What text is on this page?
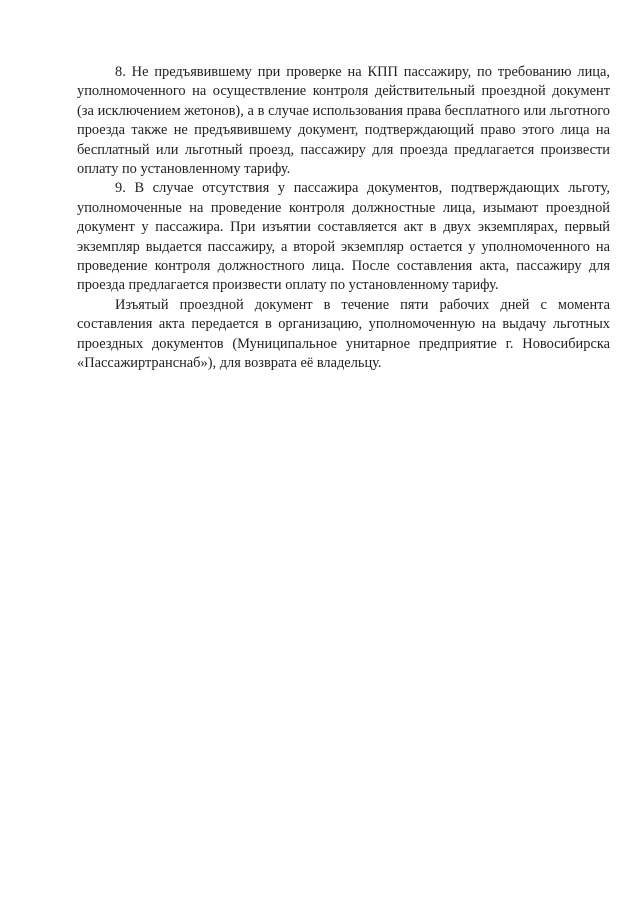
8. Не предъявившему при проверке на КПП пассажиру, по требованию лица, уполномоченного на осуществление контроля действительный проездной документ (за исключением жетонов), а в случае использования права бесплатного или льготного проезда также не предъявившему документ, подтверждающий право этого лица на бесплатный или льготный проезд, пассажиру для проезда предлагается произвести оплату по установленному тарифу.

9. В случае отсутствия у пассажира документов, подтверждающих льготу, уполномоченные на проведение контроля должностные лица, изымают проездной документ у пассажира. При изъятии составляется акт в двух экземплярах, первый экземпляр выдается пассажиру, а второй экземпляр остается у уполномоченного на проведение контроля должностного лица. После составления акта, пассажиру для проезда предлагается произвести оплату по установленному тарифу.

Изъятый проездной документ в течение пяти рабочих дней с момента составления акта передается в организацию, уполномоченную на выдачу льготных проездных документов (Муниципальное унитарное предприятие г. Новосибирска «Пассажиртранснаб»), для возврата её владельцу.
